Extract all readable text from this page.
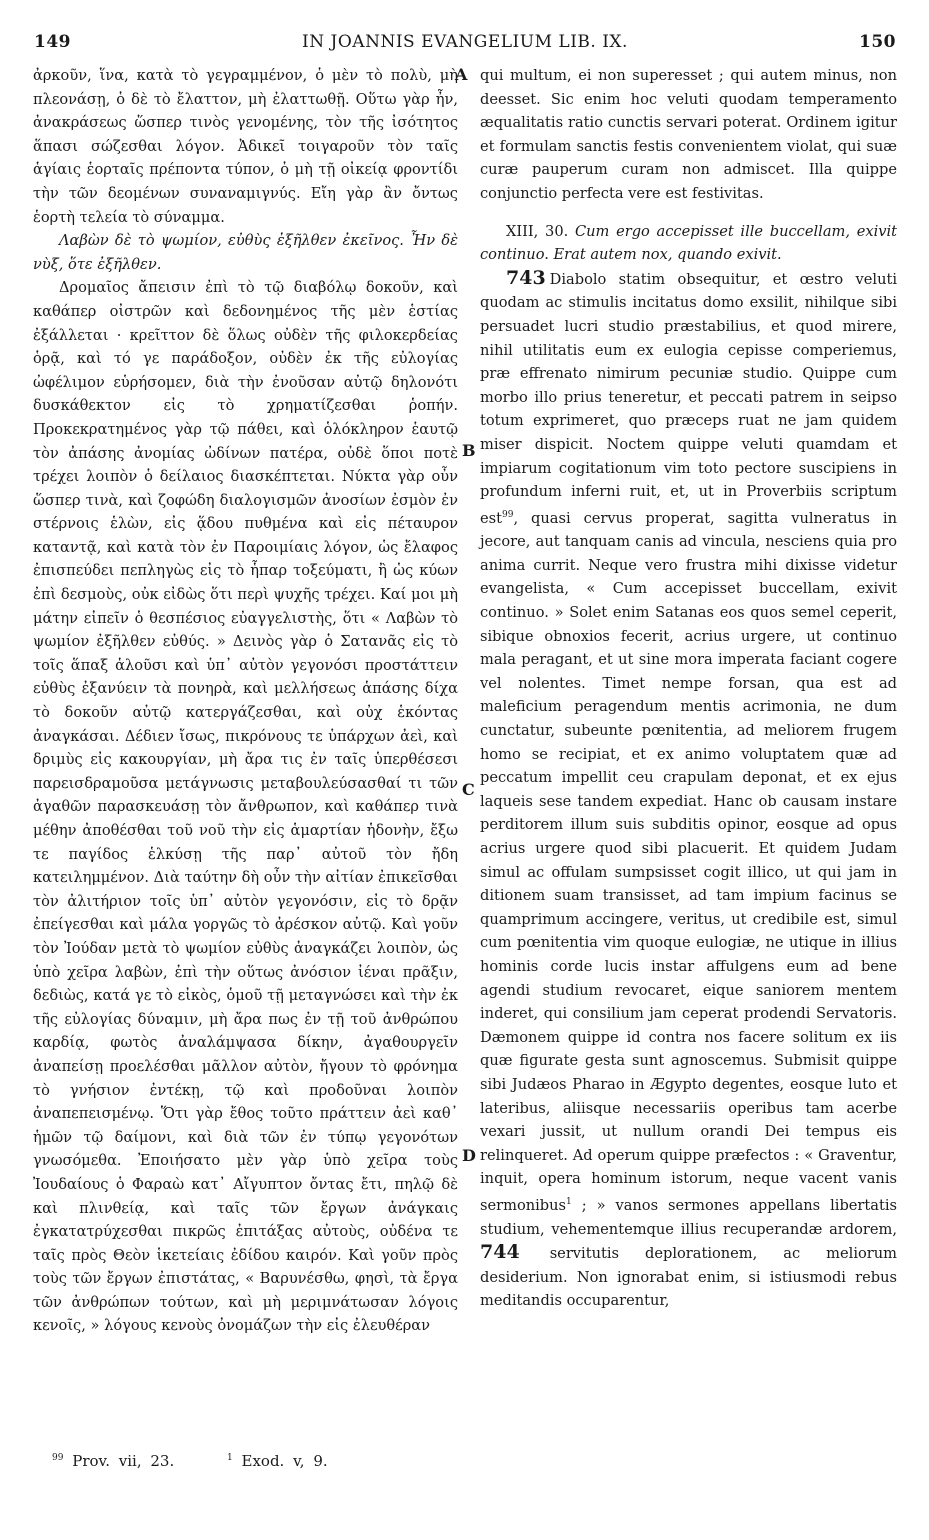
149	IN JOANNIS EVANGELIUM LIB. IX.	150

ἀρκοῦν, ἵνα, κατὰ τὸ γεγραμμένον, ὁ μὲν τὸ πολὺ, μὴ πλεονάσῃ, ὁ δὲ τὸ ἔλαττον, μὴ ἐλαττωθῇ. Οὕτω γὰρ ἦν, ἀνακράσεως ὥσπερ τινὸς γενομένης, τὸν τῆς ἰσότητος ἅπασι σώζεσθαι λόγον. Ἀδικεῖ τοιγαροῦν τὸν ταῖς ἁγίαις ἑορταῖς πρέποντα τύπον, ὁ μὴ τῇ οἰκείᾳ φροντίδι τὴν τῶν δεομένων συναναμιγνύς. Εἴη γὰρ ἂν ὄντως ἑορτὴ τελεία τὸ σύναμμα.

Λαβὼν δὲ τὸ ψωμίον, εὐθὺς ἐξῆλθεν ἐκεῖνος. Ἦν δὲ νὺξ, ὅτε ἐξῆλθεν.

Δρομαῖος ἄπεισιν ἐπὶ τὸ τῷ διαβόλῳ δοκοῦν, καὶ καθάπερ οἰστρῶν καὶ δεδονημένος τῆς μὲν ἑστίας ἐξάλλεται · κρεῖττον δὲ ὅλως οὐδὲν τῆς φιλοκερδείας ὁρᾷ, καὶ τό γε παράδοξον, οὐδὲν ἐκ τῆς εὐλογίας ὠφέλιμον εὑρήσομεν, διὰ τὴν ἐνοῦσαν αὐτῷ δηλονότι δυσκάθεκτον εἰς τὸ χρηματίζεσθαι ῥοπήν. Προκεκρατημένος γὰρ τῷ πάθει, καὶ ὁλόκληρον ἑαυτῷ τὸν ἀπάσης ἀνομίας ὠδίνων πατέρα, οὐδὲ ὅποι ποτὲ τρέχει λοιπὸν ὁ δείλαιος διασκέπτεται. Νύκτα γὰρ οὖν ὥσπερ τινὰ, καὶ ζοφώδη διαλογισμῶν ἀνοσίων ἐσμὸν ἐν στέρνοις ἑλὼν, εἰς ᾅδου πυθμένα καὶ εἰς πέταυρον καταντᾷ, καὶ κατὰ τὸν ἐν Παροιμίαις λόγον, ὡς ἔλαφος ἐπισπεύδει πεπληγὼς εἰς τὸ ἧπαρ τοξεύματι, ἢ ὡς κύων ἐπὶ δεσμοὺς, οὐκ εἰδὼς ὅτι περὶ ψυχῆς τρέχει. Καί μοι μὴ μάτην εἰπεῖν ὁ θεσπέσιος εὐαγγελιστὴς, ὅτι « Λαβὼν τὸ ψωμίον ἐξῆλθεν εὐθύς. » Δεινὸς γὰρ ὁ Σατανᾶς εἰς τὸ τοῖς ἅπαξ ἁλοῦσι καὶ ὑπ᾽ αὐτὸν γεγονόσι προστάττειν εὐθὺς ἐξανύειν τὰ πονηρὰ, καὶ μελλήσεως ἁπάσης δίχα τὸ δοκοῦν αὐτῷ κατεργάζεσθαι, καὶ οὐχ ἑκόντας ἀναγκάσαι. Δέδιεν ἴσως, πικρόνους τε ὑπάρχων ἀεὶ, καὶ δριμὺς εἰς κακουργίαν, μὴ ἄρα τις ἐν ταῖς ὑπερθέσεσι παρεισδραμοῦσα μετάγνωσις μεταβουλεύσασθαί τι τῶν ἀγαθῶν παρασκευάσῃ τὸν ἄνθρωπον, καὶ καθάπερ τινὰ μέθην ἀποθέσθαι τοῦ νοῦ τὴν εἰς ἁμαρτίαν ἡδονὴν, ἔξω τε παγίδος ἑλκύσῃ τῆς παρ᾽ αὐτοῦ τὸν ἤδη κατειλημμένον. Διὰ ταύτην δὴ οὖν τὴν αἰτίαν ἐπικεῖσθαι τὸν ἀλιτήριον τοῖς ὑπ᾽ αὐτὸν γεγονόσιν, εἰς τὸ δρᾷν ἐπείγεσθαι καὶ μάλα γοργῶς τὸ ἀρέσκον αὐτῷ. Καὶ γοῦν τὸν Ἰούδαν μετὰ τὸ ψωμίον εὐθὺς ἀναγκάζει λοιπὸν, ὡς ὑπὸ χεῖρα λαβὼν, ἐπὶ τὴν οὕτως ἀνόσιον ἰέναι πρᾶξιν, δεδιὼς, κατά γε τὸ εἰκὸς, ὁμοῦ τῇ μεταγνώσει καὶ τὴν ἐκ τῆς εὐλογίας δύναμιν, μὴ ἄρα πως ἐν τῇ τοῦ ἀνθρώπου καρδίᾳ, φωτὸς ἀναλάμψασα δίκην, ἀγαθουργεῖν ἀναπείσῃ προελέσθαι μᾶλλον αὐτὸν, ἤγουν τὸ φρόνημα τὸ γνήσιον ἐντέκῃ, τῷ καὶ προδοῦναι λοιπὸν ἀναπεπεισμένῳ. Ὅτι γὰρ ἔθος τοῦτο πράττειν ἀεὶ καθ᾽ ἡμῶν τῷ δαίμονι, καὶ διὰ τῶν ἐν τύπῳ γεγονότων γνωσόμεθα. Ἐποιήσατο μὲν γὰρ ὑπὸ χεῖρα τοὺς Ἰουδαίους ὁ Φαραὼ κατ᾽ Αἴγυπτον ὄντας ἔτι, πηλῷ δὲ καὶ πλινθείᾳ, καὶ ταῖς τῶν ἔργων ἀνάγκαις ἐγκατατρύχεσθαι πικρῶς ἐπιτάξας αὐτοὺς, οὐδένα τε ταῖς πρὸς Θεὸν ἱκετείαις ἐδίδου καιρόν. Καὶ γοῦν πρὸς τοὺς τῶν ἔργων ἐπιστάτας, « Βαρυνέσθω, φησὶ, τὰ ἔργα τῶν ἀνθρώπων τούτων, καὶ μὴ μεριμνάτωσαν λόγοις κενοῖς, » λόγους κενοὺς ὀνομάζων τὴν εἰς ἐλευθέραν

A
B
C
D

qui multum, ei non superesset ; qui autem minus, non deesset. Sic enim hoc veluti quodam temperamento æqualitatis ratio cunctis servari poterat. Ordinem igitur et formulam sanctis festis convenientem violat, qui suæ curæ pauperum curam non admiscet. Illa quippe conjunctio perfecta vere est festivitas.

XIII, 30. Cum ergo accepisset ille buccellam, exivit continuo. Erat autem nox, quando exivit.

743 Diabolo statim obsequitur, et œstro veluti quodam ac stimulis incitatus domo exsilit, nihilque sibi persuadet lucri studio præstabilius, et quod mirere, nihil utilitatis eum ex eulogia cepisse comperiemus, præ effrenato nimirum pecuniæ studio. Quippe cum morbo illo prius teneretur, et peccati patrem in seipso totum exprimeret, quo præceps ruat ne jam quidem miser dispicit. Noctem quippe veluti quamdam et impiarum cogitationum vim toto pectore suscipiens in profundum inferni ruit, et, ut in Proverbiis scriptum est$^{99}$, quasi cervus properat, sagitta vulneratus in jecore, aut tanquam canis ad vincula, nesciens quia pro anima currit. Neque vero frustra mihi dixisse videtur evangelista, « Cum accepisset buccellam, exivit continuo. » Solet enim Satanas eos quos semel ceperit, sibique obnoxios fecerit, acrius urgere, ut continuo mala peragant, et ut sine mora imperata faciant cogere vel nolentes. Timet nempe forsan, qua est ad maleficium peragendum mentis acrimonia, ne dum cunctatur, subeunte pœnitentia, ad meliorem frugem homo se recipiat, et ex animo voluptatem quæ ad peccatum impellit ceu crapulam deponat, et ex ejus laqueis sese tandem expediat. Hanc ob causam instare perditorem illum suis subditis opinor, eosque ad opus acrius urgere quod sibi placuerit. Et quidem Judam simul ac offulam sumpsisset cogit illico, ut qui jam in ditionem suam transisset, ad tam impium facinus se quamprimum accingere, veritus, ut credibile est, simul cum pœnitentia vim quoque eulogiæ, ne utique in illius hominis corde lucis instar affulgens eum ad bene agendi studium revocaret, eique saniorem mentem inderet, qui consilium jam ceperat prodendi Servatoris. Dæmonem quippe id contra nos facere solitum ex iis quæ figurate gesta sunt agnoscemus. Submisit quippe sibi Judæos Pharao in Ægypto degentes, eosque luto et lateribus, aliisque necessariis operibus tam acerbe vexari jussit, ut nullum orandi Dei tempus eis relinqueret. Ad operum quippe præfectos : « Graventur, inquit, opera hominum istorum, neque vacent vanis sermonibus$^1$ ; » vanos sermones appellans libertatis studium, vehementemque illius recuperandæ ardorem, 744 servitutis deplorationem, ac meliorum desiderium. Non ignorabat enim, si istiusmodi rebus meditandis occuparentur,

$^{99}$ Prov. vii, 23.	$^1$ Exod. v, 9.
